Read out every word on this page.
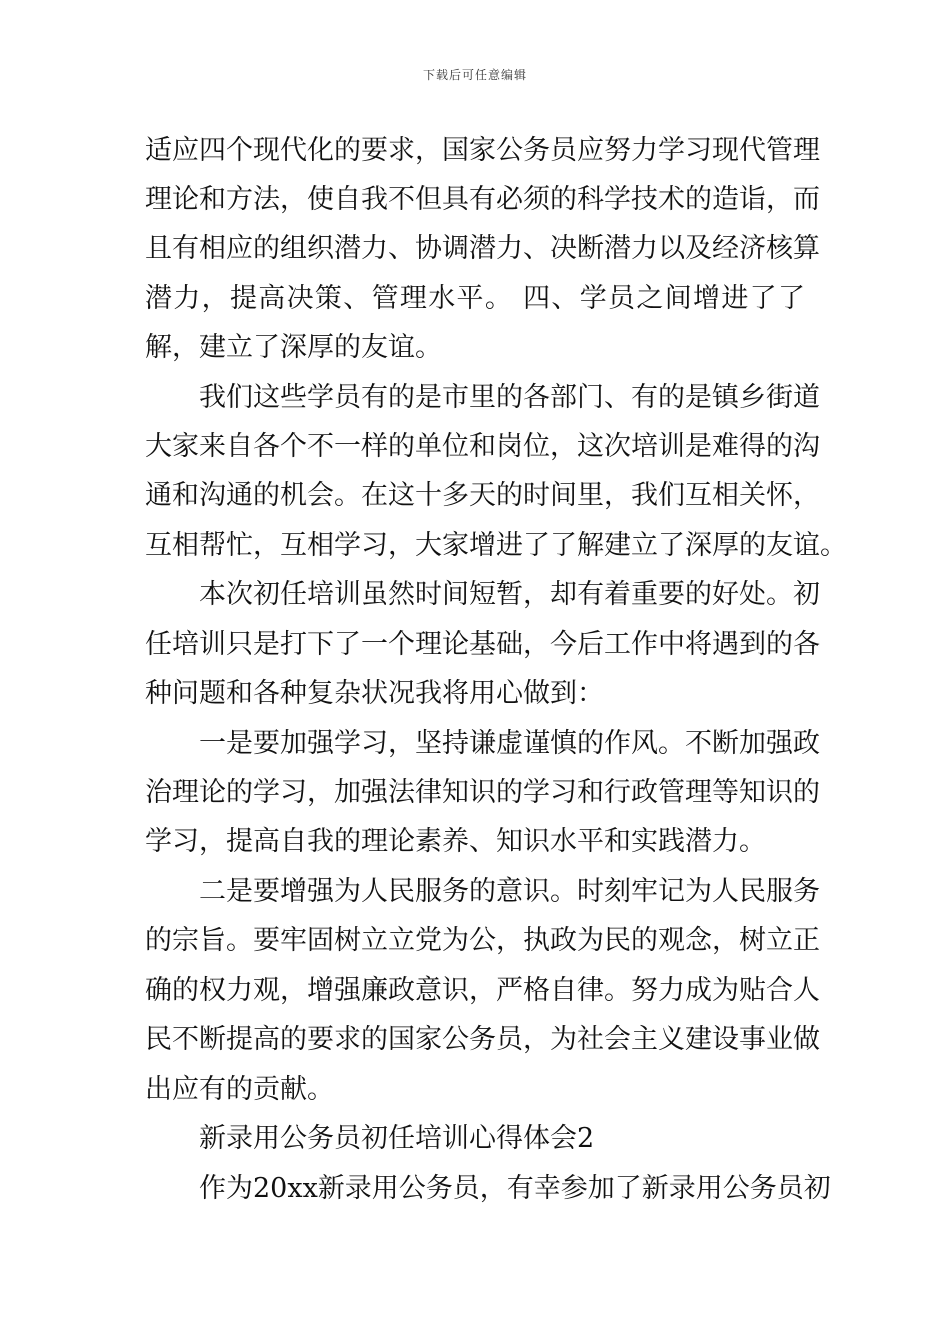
下载后可任意编辑
适应四个现代化的要求，国家公务员应努力学习现代管理
理论和方法，使自我不但具有必须的科学技术的造诣，而
且有相应的组织潜力、协调潜力、决断潜力以及经济核算
潜力，提高决策、管理水平。 四、学员之间增进了了
解，建立了深厚的友谊。
我们这些学员有的是市里的各部门、有的是镇乡街道
大家来自各个不一样的单位和岗位，这次培训是难得的沟
通和沟通的机会。在这十多天的时间里，我们互相关怀，
互相帮忙，互相学习，大家增进了了解建立了深厚的友谊。
本次初任培训虽然时间短暂，却有着重要的好处。初
任培训只是打下了一个理论基础，今后工作中将遇到的各
种问题和各种复杂状况我将用心做到：
一是要加强学习，坚持谦虚谨慎的作风。不断加强政
治理论的学习，加强法律知识的学习和行政管理等知识的
学习，提高自我的理论素养、知识水平和实践潜力。
二是要增强为人民服务的意识。时刻牢记为人民服务
的宗旨。要牢固树立立党为公，执政为民的观念，树立正
确的权力观，增强廉政意识，严格自律。努力成为贴合人
民不断提高的要求的国家公务员，为社会主义建设事业做
出应有的贡献。
新录用公务员初任培训心得体会2
作为20xx新录用公务员，有幸参加了新录用公务员初
